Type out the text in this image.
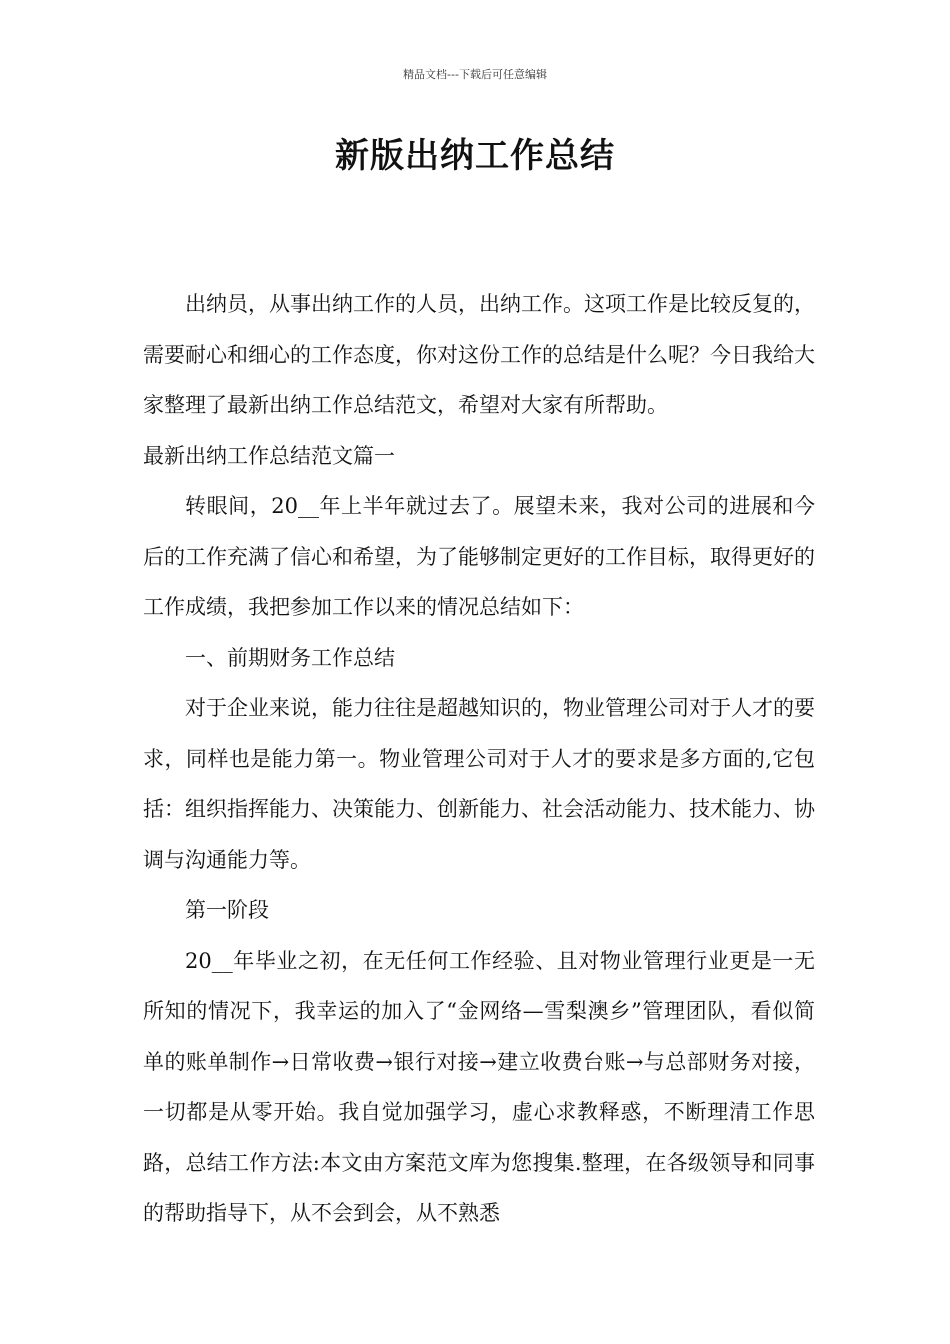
精品文档---下载后可任意编辑
新版出纳工作总结

出纳员，从事出纳工作的人员，出纳工作。这项工作是比较反复的，需要耐心和细心的工作态度，你对这份工作的总结是什么呢？今日我给大家整理了最新出纳工作总结范文，希望对大家有所帮助。

最新出纳工作总结范文篇一

转眼间，20__年上半年就过去了。展望未来，我对公司的进展和今后的工作充满了信心和希望，为了能够制定更好的工作目标，取得更好的工作成绩，我把参加工作以来的情况总结如下：

一、前期财务工作总结

对于企业来说，能力往往是超越知识的，物业管理公司对于人才的要求，同样也是能力第一。物业管理公司对于人才的要求是多方面的,它包括：组织指挥能力、决策能力、创新能力、社会活动能力、技术能力、协调与沟通能力等。

第一阶段

20__年毕业之初，在无任何工作经验、且对物业管理行业更是一无所知的情况下，我幸运的加入了“金网络—雪梨澳乡”管理团队，看似简单的账单制作→日常收费→银行对接→建立收费台账→与总部财务对接，一切都是从零开始。我自觉加强学习，虚心求教释惑，不断理清工作思路，总结工作方法:本文由方案范文库为您搜集.整理，在各级领导和同事的帮助指导下，从不会到会，从不熟悉
